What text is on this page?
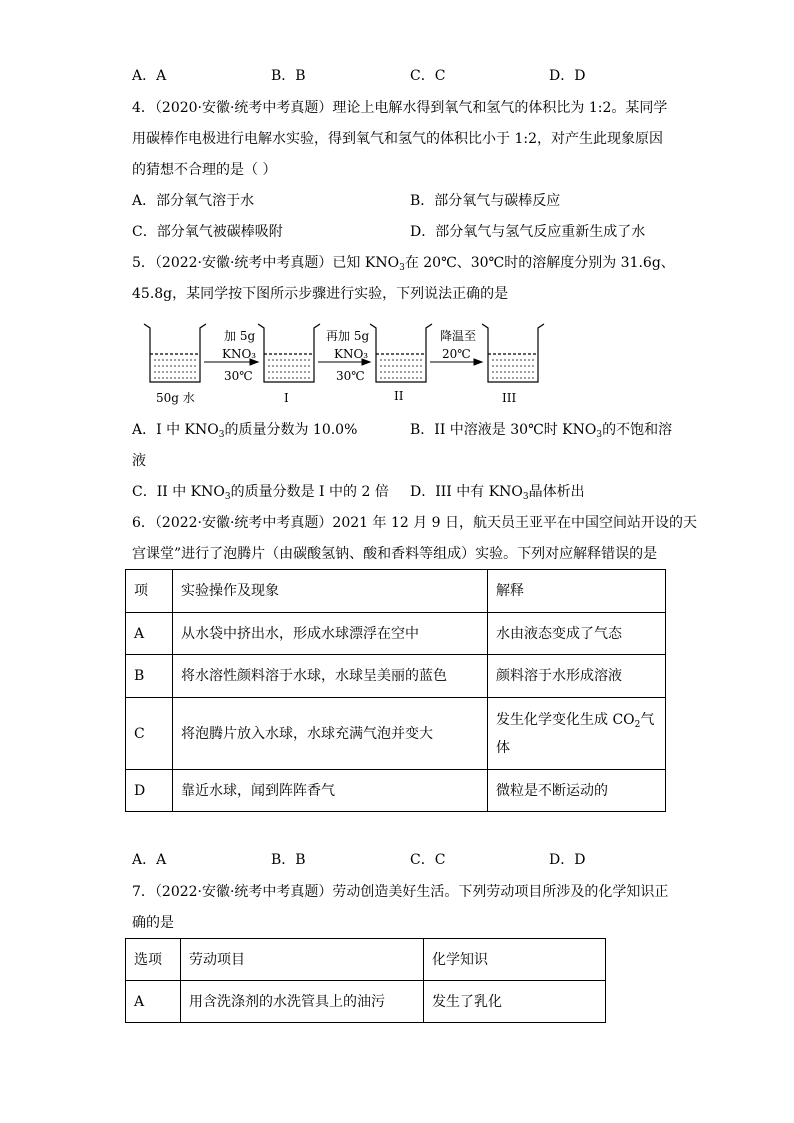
A．A	B．B	C．C	D．D
4．（2020·安徽·统考中考真题）理论上电解水得到氧气和氢气的体积比为 1:2。某同学
用碳棒作电极进行电解水实验，得到氧气和氢气的体积比小于 1:2，对产生此现象原因
的猜想不合理的是（ ）
A．部分氧气溶于水	B．部分氧气与碳棒反应
C．部分氧气被碳棒吸附	D．部分氧气与氢气反应重新生成了水
5．（2022·安徽·统考中考真题）已知 $KNO_3$在 20℃、30℃时的溶解度分别为 31.6g、
45.8g，某同学按下图所示步骤进行实验，下列说法正确的是
加 5g
KNO₃
30℃
再加 5g
KNO₃
30℃
降温至
20℃
50g 水	I	II	III
A．I 中 $KNO_3$的质量分数为 10.0%	B．II 中溶液是 30℃时 $KNO_3$的不饱和溶
液
C．II 中 $KNO_3$的质量分数是 I 中的 2 倍 D．III 中有 $KNO_3$晶体析出
6．（2022·安徽·统考中考真题）2021 年 12 月 9 日，航天员王亚平在中国空间站开设的天
宫课堂”进行了泡腾片（由碳酸氢钠、酸和香料等组成）实验。下列对应解释错误的是
项	实验操作及现象	解释
A	从水袋中挤出水，形成水球漂浮在空中	水由液态变成了气态
B	将水溶性颜料溶于水球，水球呈美丽的蓝色	颜料溶于水形成溶液
C	将泡腾片放入水球，水球充满气泡并变大	发生化学变化生成 $CO_2$气
体
D	靠近水球，闻到阵阵香气	微粒是不断运动的
A．A	B．B	C．C	D．D
7．（2022·安徽·统考中考真题）劳动创造美好生活。下列劳动项目所涉及的化学知识正
确的是
选项	劳动项目	化学知识
A	用含洗涤剂的水洗管具上的油污	发生了乳化
